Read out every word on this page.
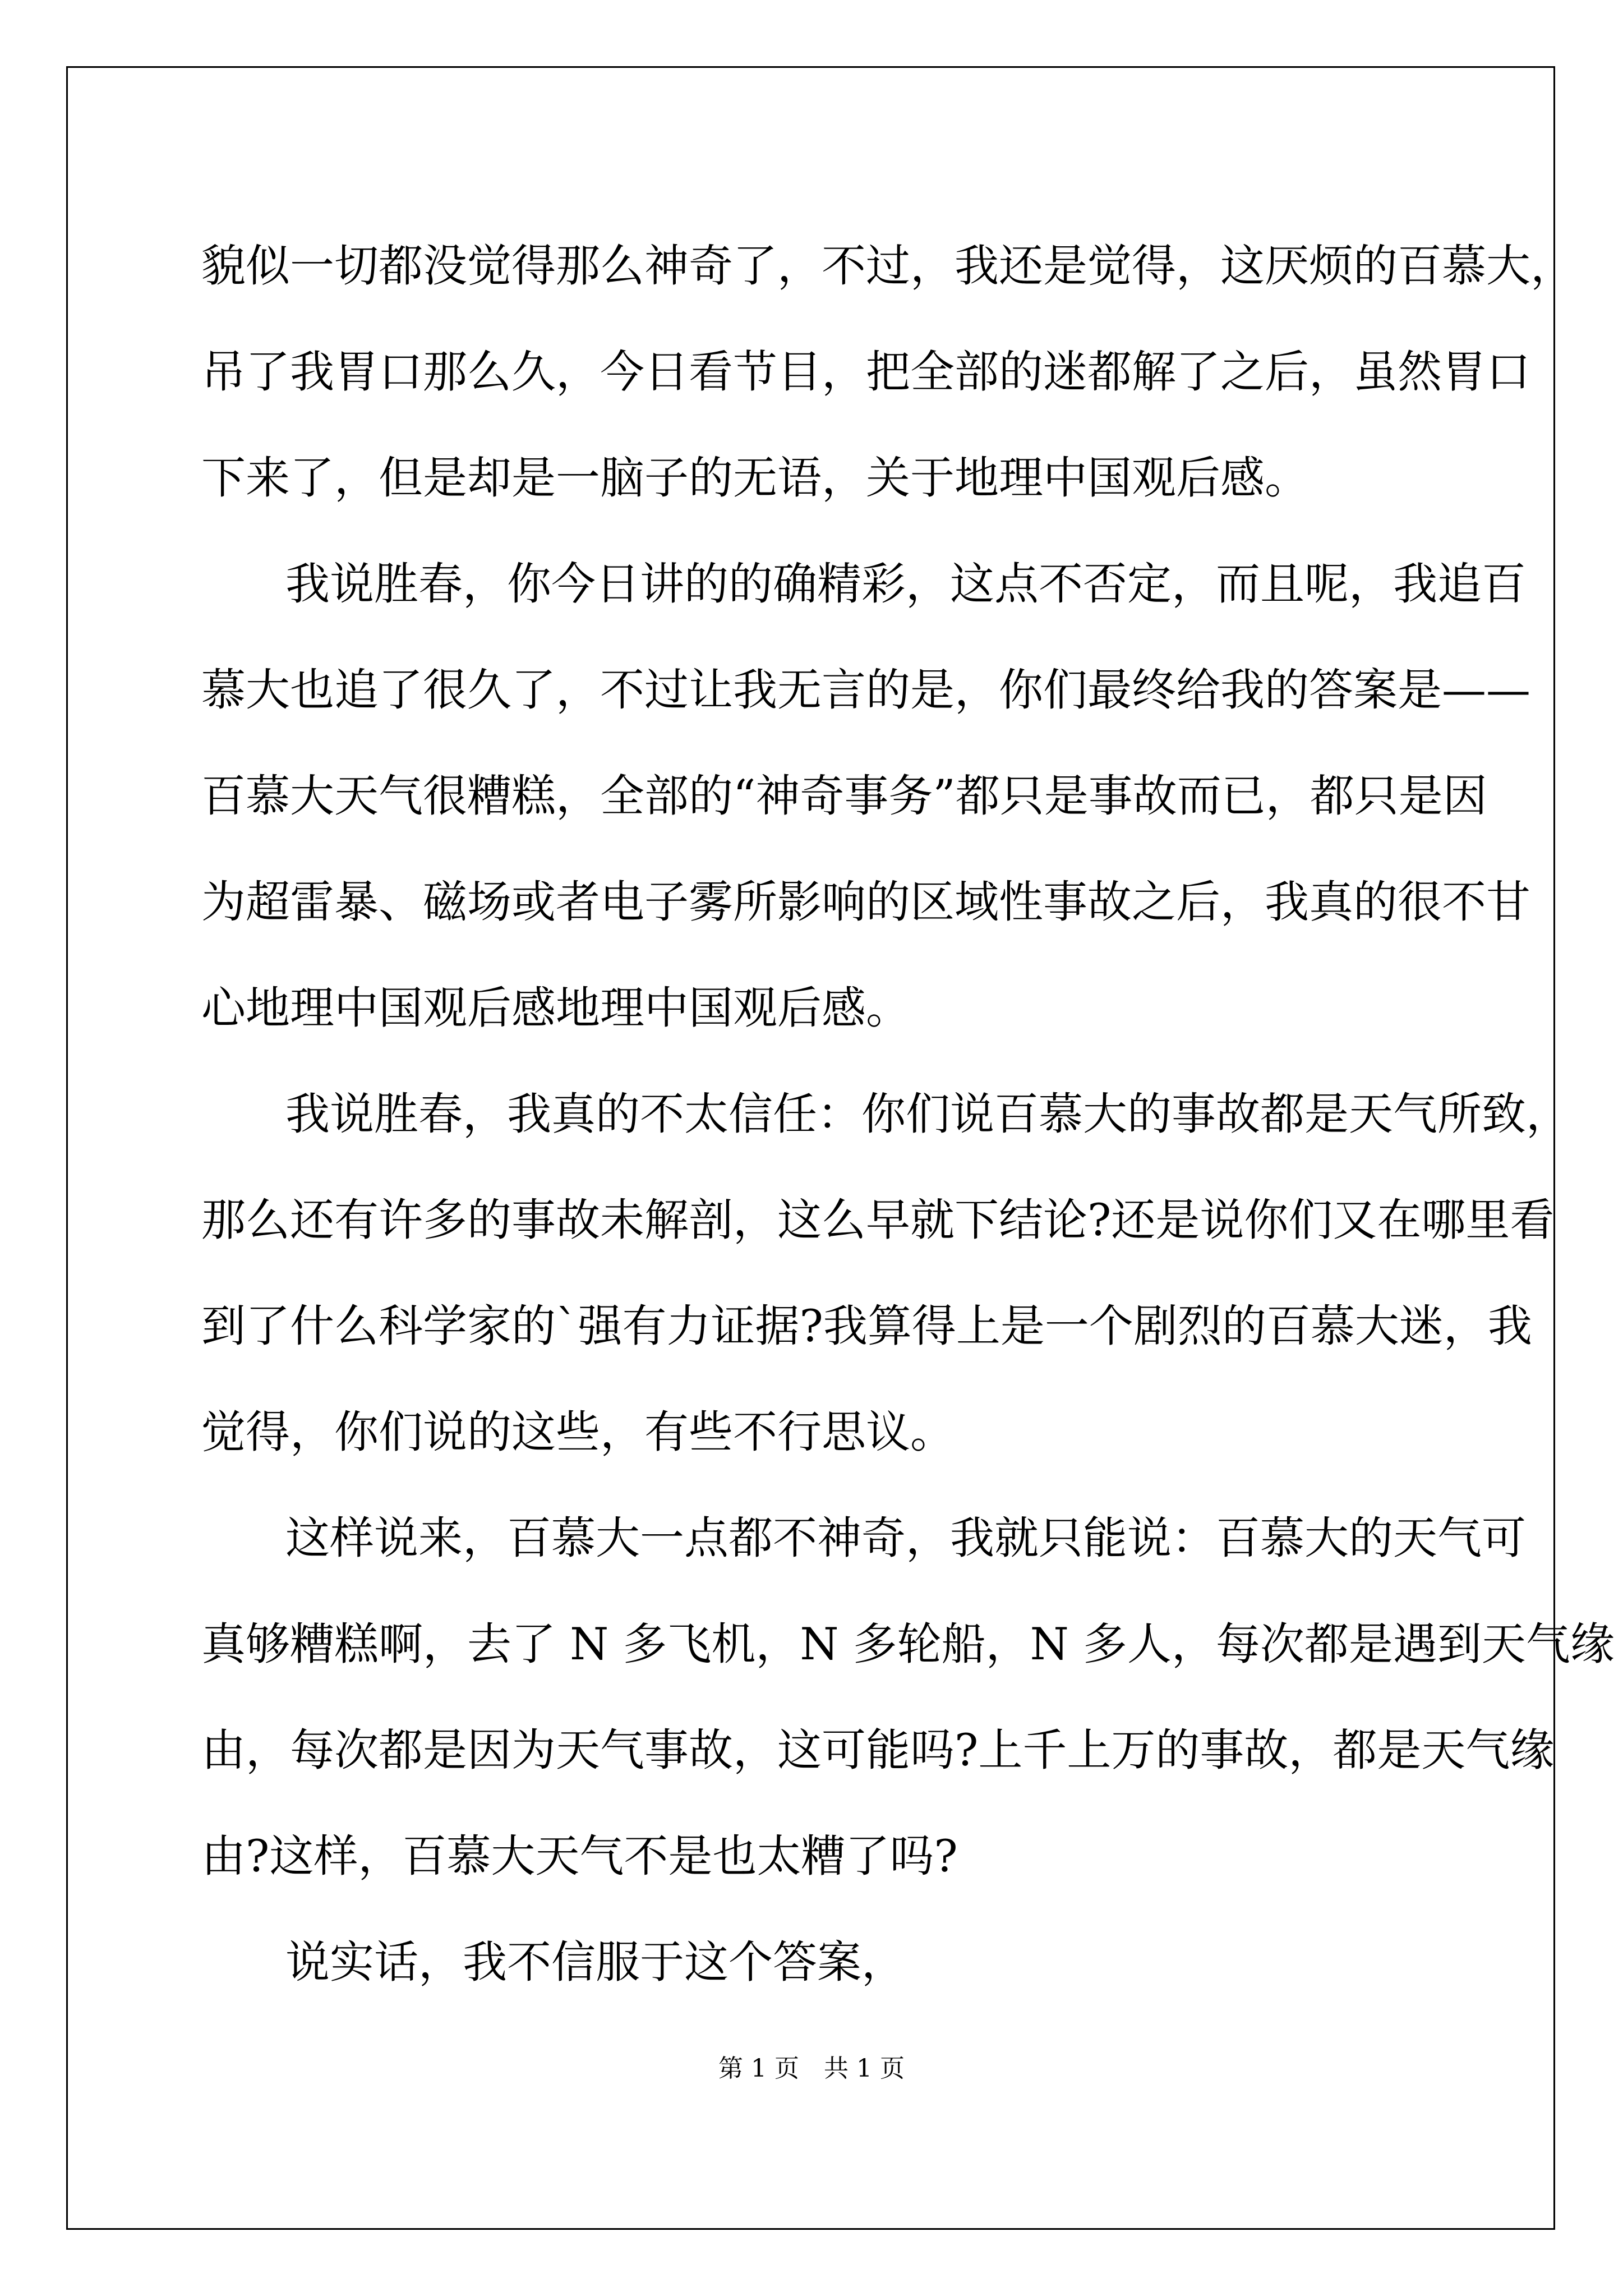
貌似一切都没觉得那么神奇了，不过，我还是觉得，这厌烦的百慕大，
吊了我胃口那么久，今日看节目，把全部的迷都解了之后，虽然胃口
下来了，但是却是一脑子的无语，关于地理中国观后感。
我说胜春，你今日讲的的确精彩，这点不否定，而且呢，我追百
慕大也追了很久了，不过让我无言的是，你们最终给我的答案是——
百慕大天气很糟糕，全部的“神奇事务”都只是事故而已，都只是因
为超雷暴、磁场或者电子雾所影响的区域性事故之后，我真的很不甘
心地理中国观后感地理中国观后感。
我说胜春，我真的不太信任：你们说百慕大的事故都是天气所致，
那么还有许多的事故未解剖，这么早就下结论?还是说你们又在哪里看
到了什么科学家的`强有力证据?我算得上是一个剧烈的百慕大迷，我
觉得，你们说的这些，有些不行思议。
这样说来，百慕大一点都不神奇，我就只能说：百慕大的天气可
真够糟糕啊，去了 N 多飞机，N 多轮船，N 多人，每次都是遇到天气缘
由，每次都是因为天气事故，这可能吗?上千上万的事故，都是天气缘
由?这样，百慕大天气不是也太糟了吗?
说实话，我不信服于这个答案，
第 1 页　共 1 页
